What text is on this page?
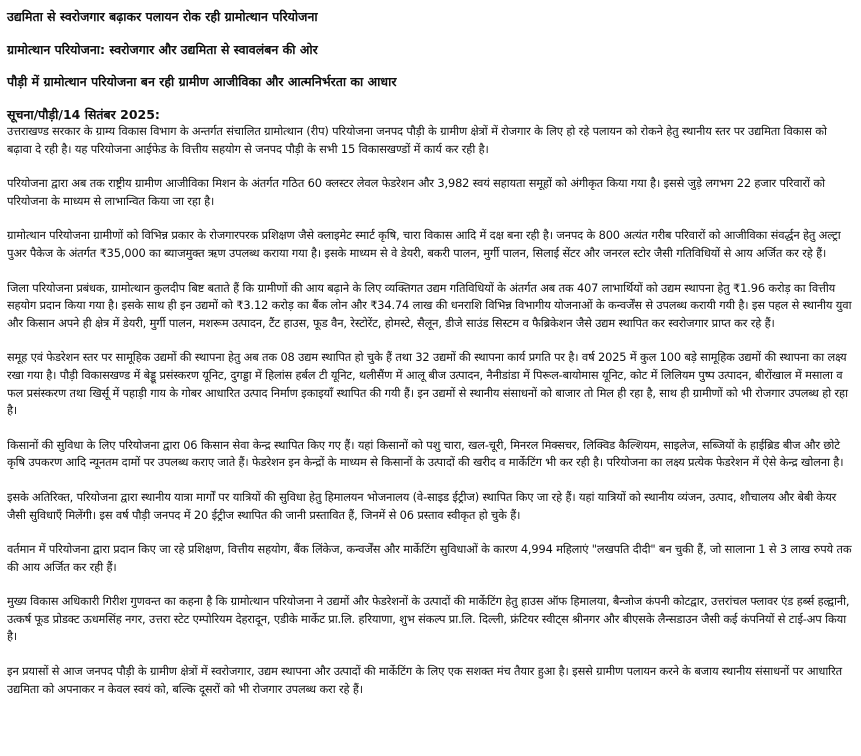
उद्यमिता से स्वरोजगार बढ़ाकर पलायन रोक रही ग्रामोत्थान परियोजना

ग्रामोत्थान परियोजना: स्वरोजगार और उद्यमिता से स्वावलंबन की ओर

पौड़ी में ग्रामोत्थान परियोजना बन रही ग्रामीण आजीविका और आत्मनिर्भरता का आधार

सूचना/पौड़ी/14 सितंबर 2025:

उत्तराखण्ड सरकार के ग्राम्य विकास विभाग के अन्तर्गत संचालित ग्रामोत्थान (रीप) परियोजना जनपद पौड़ी के ग्रामीण क्षेत्रों में रोजगार के लिए हो रहे पलायन को रोकने हेतु स्थानीय स्तर पर उद्यमिता विकास को बढ़ावा दे रही है। यह परियोजना आईफेड के वित्तीय सहयोग से जनपद पौड़ी के सभी 15 विकासखण्डों में कार्य कर रही है।

परियोजना द्वारा अब तक राष्ट्रीय ग्रामीण आजीविका मिशन के अंतर्गत गठित 60 क्लस्टर लेवल फेडरेशन और 3,982 स्वयं सहायता समूहों को अंगीकृत किया गया है। इससे जुड़े लगभग 22 हजार परिवारों को परियोजना के माध्यम से लाभान्वित किया जा रहा है।

ग्रामोत्थान परियोजना ग्रामीणों को विभिन्न प्रकार के रोजगारपरक प्रशिक्षण जैसे क्लाइमेट स्मार्ट कृषि, चारा विकास आदि में दक्ष बना रही है। जनपद के 800 अत्यंत गरीब परिवारों को आजीविका संवर्द्धन हेतु अल्ट्रा पुअर पैकेज के अंतर्गत ₹35,000 का ब्याजमुक्त ऋण उपलब्ध कराया गया है। इसके माध्यम से वे डेयरी, बकरी पालन, मुर्गी पालन, सिलाई सेंटर और जनरल स्टोर जैसी गतिविधियों से आय अर्जित कर रहे हैं।

जिला परियोजना प्रबंधक, ग्रामोत्थान कुलदीप बिष्ट बताते हैं कि ग्रामीणों की आय बढ़ाने के लिए व्यक्तिगत उद्यम गतिविधियों के अंतर्गत अब तक 407 लाभार्थियों को उद्यम स्थापना हेतु ₹1.96 करोड़ का वित्तीय सहयोग प्रदान किया गया है। इसके साथ ही इन उद्यमों को ₹3.12 करोड़ का बैंक लोन और ₹34.74 लाख की धनराशि विभिन्न विभागीय योजनाओं के कन्वर्जेंस से उपलब्ध करायी गयी है। इस पहल से स्थानीय युवा और किसान अपने ही क्षेत्र में डेयरी, मुर्गी पालन, मशरूम उत्पादन, टैंट हाउस, फूड वैन, रेस्टोरेंट, होमस्टे, सैलून, डीजे साउंड सिस्टम व फैब्रिकेशन जैसे उद्यम स्थापित कर स्वरोजगार प्राप्त कर रहे हैं।

समूह एवं फेडरेशन स्तर पर सामूहिक उद्यमों की स्थापना हेतु अब तक 08 उद्यम स्थापित हो चुके हैं तथा 32 उद्यमों की स्थापना कार्य प्रगति पर है। वर्ष 2025 में कुल 100 बड़े सामूहिक उद्यमों की स्थापना का लक्ष्य रखा गया है। पौड़ी विकासखण्ड में बेड्डू प्रसंस्करण यूनिट, दुगड्डा में हिलांस हर्बल टी यूनिट, थलीसैंण में आलू बीज उत्पादन, नैनीडांडा में पिरूल-बायोमास यूनिट, कोट में लिलियम पुष्प उत्पादन, बीरोंखाल में मसाला व फल प्रसंस्करण तथा खिर्सू में पहाड़ी गाय के गोबर आधारित उत्पाद निर्माण इकाइयाँ स्थापित की गयी हैं। इन उद्यमों से स्थानीय संसाधनों को बाजार तो मिल ही रहा है, साथ ही ग्रामीणों को भी रोजगार उपलब्ध हो रहा है।

किसानों की सुविधा के लिए परियोजना द्वारा 06 किसान सेवा केन्द्र स्थापित किए गए हैं। यहां किसानों को पशु चारा, खल-चूरी, मिनरल मिक्सचर, लिक्विड कैल्शियम, साइलेज, सब्जियों के हाईब्रिड बीज और छोटे कृषि उपकरण आदि न्यूनतम दामों पर उपलब्ध कराए जाते हैं। फेडरेशन इन केन्द्रों के माध्यम से किसानों के उत्पादों की खरीद व मार्केटिंग भी कर रही है। परियोजना का लक्ष्य प्रत्येक फेडरेशन में ऐसे केन्द्र खोलना है।

इसके अतिरिक्त, परियोजना द्वारा स्थानीय यात्रा मार्गों पर यात्रियों की सुविधा हेतु हिमालयन भोजनालय (वे-साइड ईट्रीज) स्थापित किए जा रहे हैं। यहां यात्रियों को स्थानीय व्यंजन, उत्पाद, शौचालय और बेबी केयर जैसी सुविधाएँ मिलेंगी। इस वर्ष पौड़ी जनपद में 20 ईट्रीज स्थापित की जानी प्रस्तावित हैं, जिनमें से 06 प्रस्ताव स्वीकृत हो चुके हैं।

वर्तमान में परियोजना द्वारा प्रदान किए जा रहे प्रशिक्षण, वित्तीय सहयोग, बैंक लिंकेज, कन्वर्जेंस और मार्केटिंग सुविधाओं के कारण 4,994 महिलाएं "लखपति दीदी" बन चुकी हैं, जो सालाना 1 से 3 लाख रुपये तक की आय अर्जित कर रही हैं।

मुख्य विकास अधिकारी गिरीश गुणवन्त का कहना है कि ग्रामोत्थान परियोजना ने उद्यमों और फेडरेशनों के उत्पादों की मार्केटिंग हेतु हाउस ऑफ हिमालया, बैन्जोज कंपनी कोटद्वार, उत्तरांचल फ्लावर एंड हर्ब्स हल्द्वानी, उत्कर्ष फूड प्रोडक्ट ऊधमसिंह नगर, उत्तरा स्टेट एम्पोरियम देहरादून, एडीके मार्केट प्रा.लि. हरियाणा, शुभ संकल्प प्रा.लि. दिल्ली, फ्रंटियर स्वीट्स श्रीनगर और बीएसके लैन्सडाउन जैसी कई कंपनियों से टाई-अप किया है।

इन प्रयासों से आज जनपद पौड़ी के ग्रामीण क्षेत्रों में स्वरोजगार, उद्यम स्थापना और उत्पादों की मार्केटिंग के लिए एक सशक्त मंच तैयार हुआ है। इससे ग्रामीण पलायन करने के बजाय स्थानीय संसाधनों पर आधारित उद्यमिता को अपनाकर न केवल स्वयं को, बल्कि दूसरों को भी रोजगार उपलब्ध करा रहे हैं।
